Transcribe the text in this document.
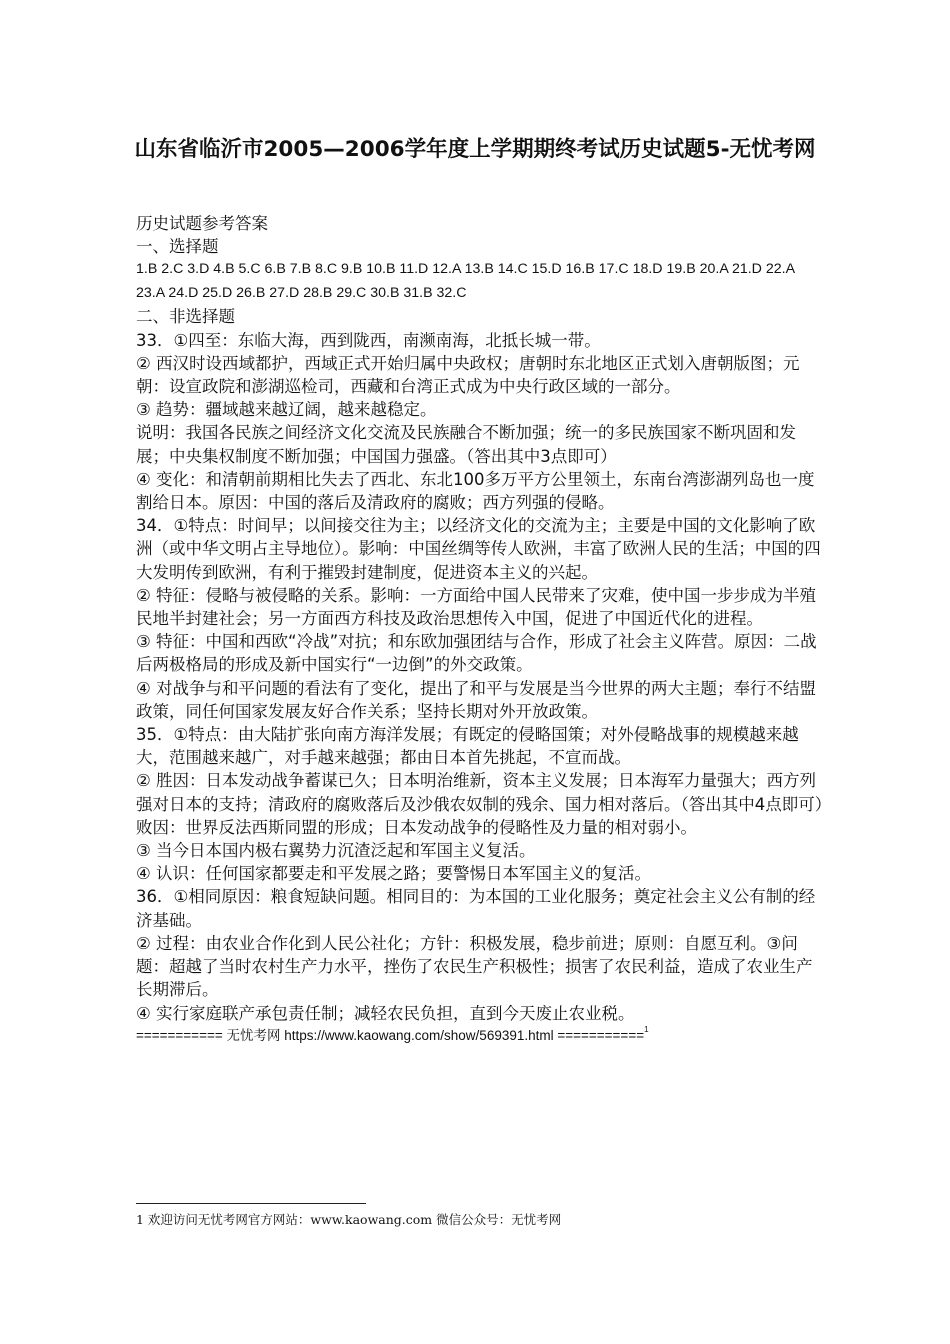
山东省临沂市2005—2006学年度上学期期终考试历史试题5-无忧考网

历史试题参考答案

一、选择题

1.B 2.C 3.D 4.B 5.C 6.B 7.B 8.C 9.B 10.B 11.D 12.A 13.B 14.C 15.D 16.B 17.C 18.D 19.B 20.A 21.D 22.A 23.A 24.D 25.D 26.B 27.D 28.B 29.C 30.B 31.B 32.C

二、非选择题

33．①四至：东临大海，西到陇西，南濒南海，北抵长城一带。

② 西汉时设西域都护，西域正式开始归属中央政权；唐朝时东北地区正式划入唐朝版图；元朝：设宣政院和澎湖巡检司，西藏和台湾正式成为中央行政区域的一部分。

③ 趋势：疆域越来越辽阔，越来越稳定。

说明：我国各民族之间经济文化交流及民族融合不断加强；统一的多民族国家不断巩固和发展；中央集权制度不断加强；中国国力强盛。（答出其中3点即可）

④ 变化：和清朝前期相比失去了西北、东北100多万平方公里领土，东南台湾澎湖列岛也一度割给日本。原因：中国的落后及清政府的腐败；西方列强的侵略。

34．①特点：时间早；以间接交往为主；以经济文化的交流为主；主要是中国的文化影响了欧洲（或中华文明占主导地位）。影响：中国丝绸等传人欧洲，丰富了欧洲人民的生活；中国的四大发明传到欧洲，有利于摧毁封建制度，促进资本主义的兴起。

② 特征：侵略与被侵略的关系。影响：一方面给中国人民带来了灾难，使中国一步步成为半殖民地半封建社会；另一方面西方科技及政治思想传入中国，促进了中国近代化的进程。

③ 特征：中国和西欧“冷战”对抗；和东欧加强团结与合作，形成了社会主义阵营。原因：二战后两极格局的形成及新中国实行“一边倒”的外交政策。

④ 对战争与和平问题的看法有了变化，提出了和平与发展是当今世界的两大主题；奉行不结盟政策，同任何国家发展友好合作关系；坚持长期对外开放政策。

35．①特点：由大陆扩张向南方海洋发展；有既定的侵略国策；对外侵略战事的规模越来越大，范围越来越广，对手越来越强；都由日本首先挑起，不宣而战。

② 胜因：日本发动战争蓄谋已久；日本明治维新，资本主义发展；日本海军力量强大；西方列强对日本的支持；清政府的腐败落后及沙俄农奴制的残余、国力相对落后。（答出其中4点即可）

败因：世界反法西斯同盟的形成；日本发动战争的侵略性及力量的相对弱小。

③ 当今日本国内极右翼势力沉渣泛起和军国主义复活。

④ 认识：任何国家都要走和平发展之路；要警惕日本军国主义的复活。

36．①相同原因：粮食短缺问题。相同目的：为本国的工业化服务；奠定社会主义公有制的经济基础。

② 过程：由农业合作化到人民公社化；方针：积极发展，稳步前进；原则：自愿互利。③问题：超越了当时农村生产力水平，挫伤了农民生产积极性；损害了农民利益，造成了农业生产长期滞后。

④ 实行家庭联产承包责任制；减轻农民负担，直到今天废止农业税。

=========== 无忧考网 https://www.kaowang.com/show/569391.html ===========$^1$

1 欢迎访问无忧考网官方网站：www.kaowang.com 微信公众号：无忧考网
